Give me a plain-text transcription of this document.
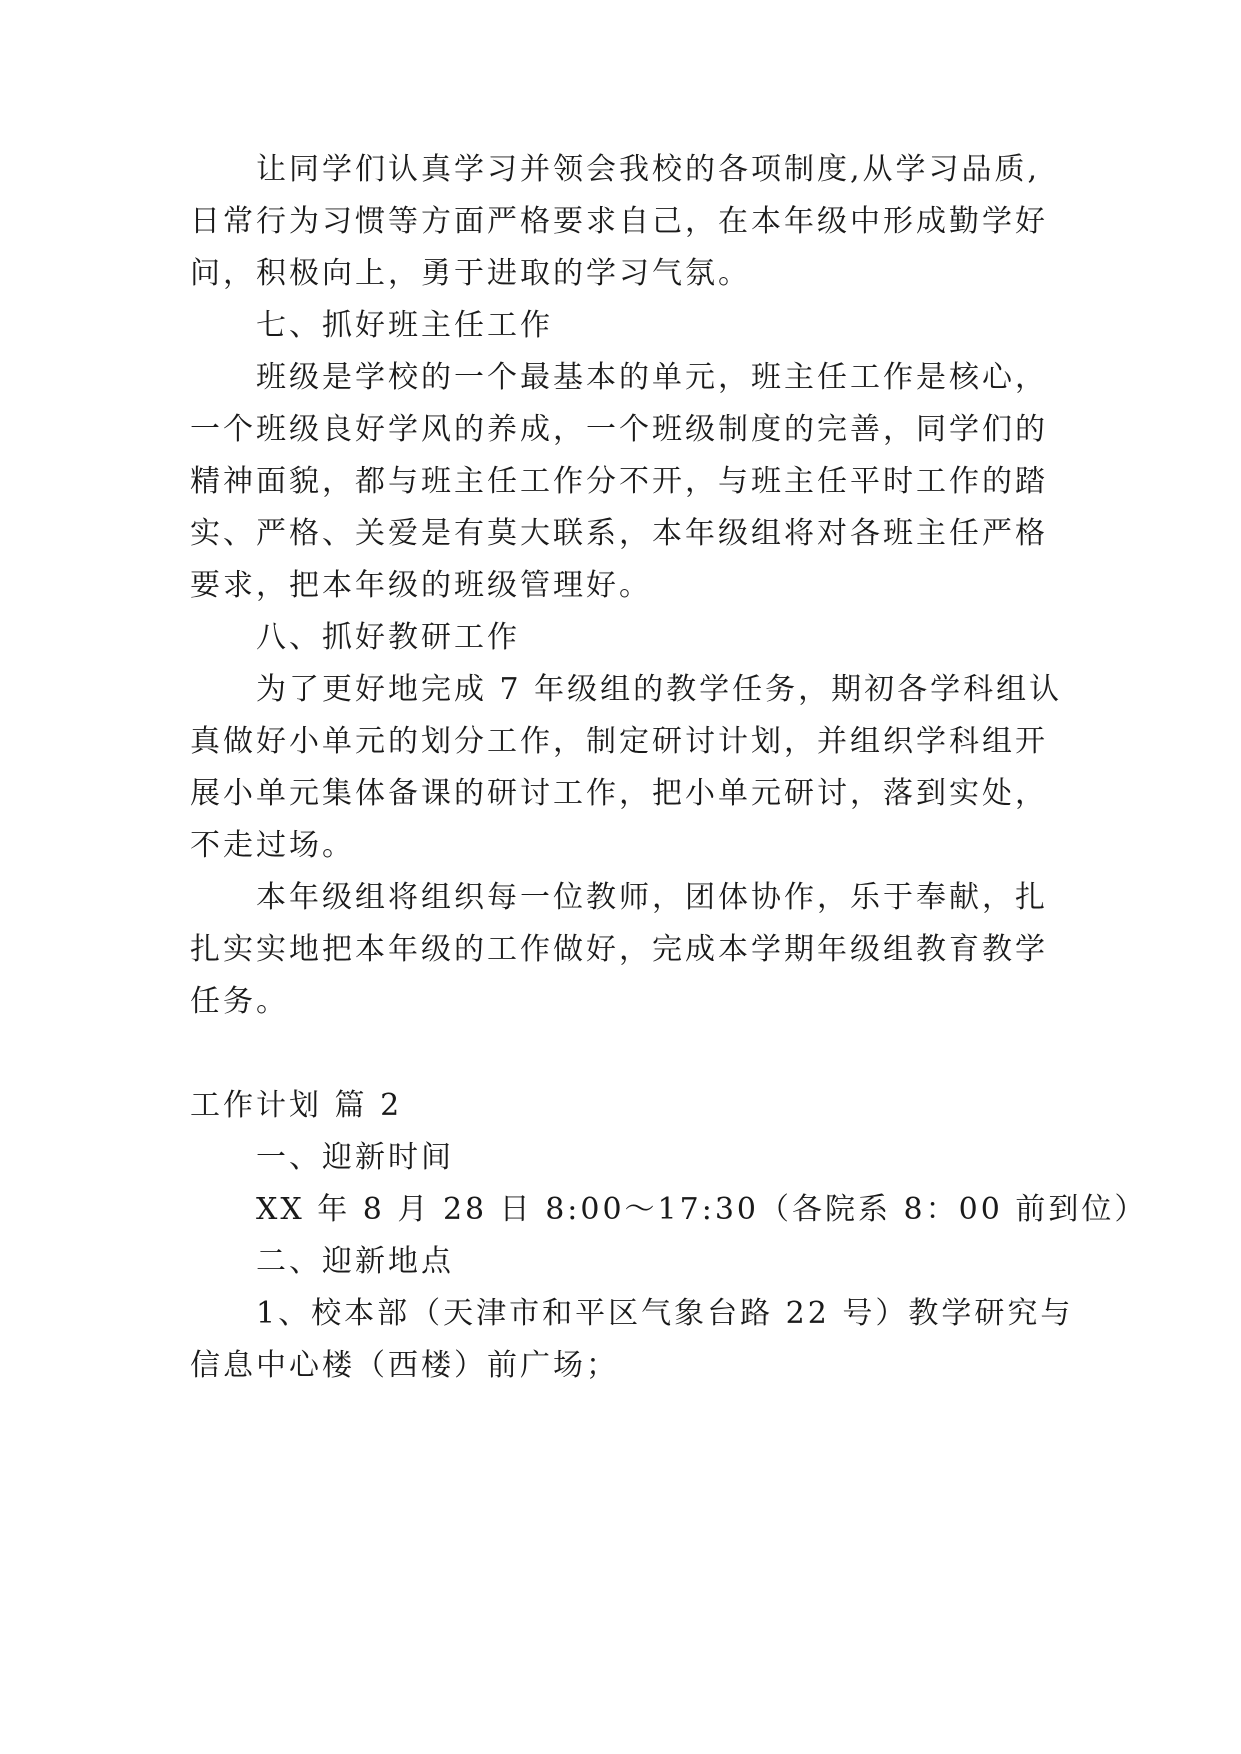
让同学们认真学习并领会我校的各项制度,从学习品质,
日常行为习惯等方面严格要求自己，在本年级中形成勤学好
问，积极向上，勇于进取的学习气氛。
七、抓好班主任工作
班级是学校的一个最基本的单元，班主任工作是核心，
一个班级良好学风的养成，一个班级制度的完善，同学们的
精神面貌，都与班主任工作分不开，与班主任平时工作的踏
实、严格、关爱是有莫大联系，本年级组将对各班主任严格
要求，把本年级的班级管理好。
八、抓好教研工作
为了更好地完成 7 年级组的教学任务，期初各学科组认
真做好小单元的划分工作，制定研讨计划，并组织学科组开
展小单元集体备课的研讨工作，把小单元研讨，落到实处，
不走过场。
本年级组将组织每一位教师，团体协作，乐于奉献，扎
扎实实地把本年级的工作做好，完成本学期年级组教育教学
任务。
工作计划 篇 2
一、迎新时间
XX 年 8 月 28 日 8:00～17:30（各院系 8：00 前到位）
二、迎新地点
1、校本部（天津市和平区气象台路 22 号）教学研究与
信息中心楼（西楼）前广场；
